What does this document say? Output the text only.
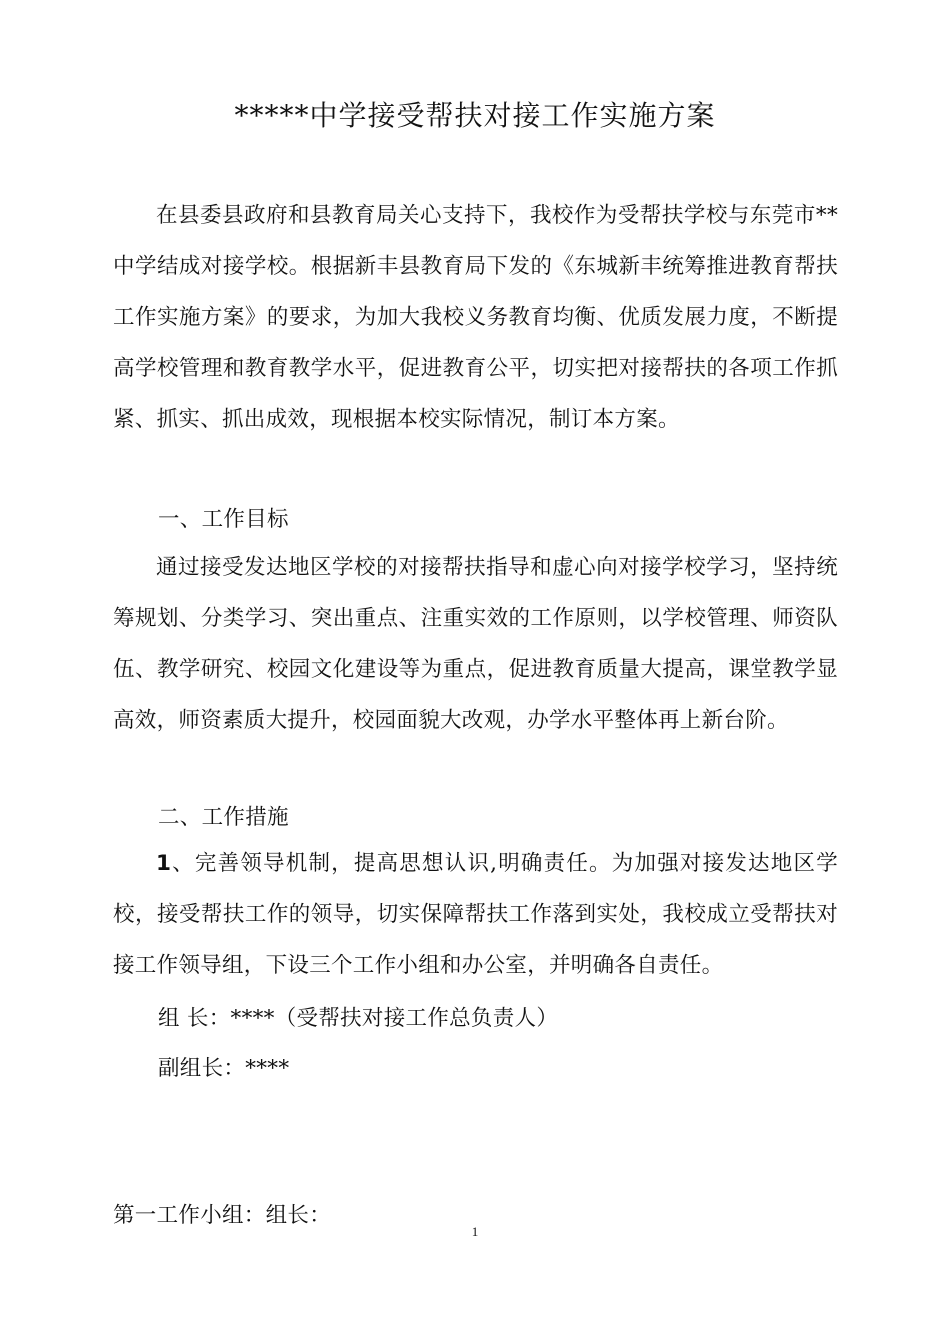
*****中学接受帮扶对接工作实施方案
在县委县政府和县教育局关心支持下，我校作为受帮扶学校与东莞市**中学结成对接学校。根据新丰县教育局下发的《东城新丰统筹推进教育帮扶工作实施方案》的要求，为加大我校义务教育均衡、优质发展力度，不断提高学校管理和教育教学水平，促进教育公平，切实把对接帮扶的各项工作抓紧、抓实、抓出成效，现根据本校实际情况，制订本方案。
一、工作目标
通过接受发达地区学校的对接帮扶指导和虚心向对接学校学习，坚持统筹规划、分类学习、突出重点、注重实效的工作原则，以学校管理、师资队伍、教学研究、校园文化建设等为重点，促进教育质量大提高，课堂教学显高效，师资素质大提升，校园面貌大改观，办学水平整体再上新台阶。
二、工作措施
1、完善领导机制，提高思想认识,明确责任。为加强对接发达地区学校，接受帮扶工作的领导，切实保障帮扶工作落到实处，我校成立受帮扶对接工作领导组，下设三个工作小组和办公室，并明确各自责任。
组 长：****（受帮扶对接工作总负责人）
副组长：****
第一工作小组：组长：
1
